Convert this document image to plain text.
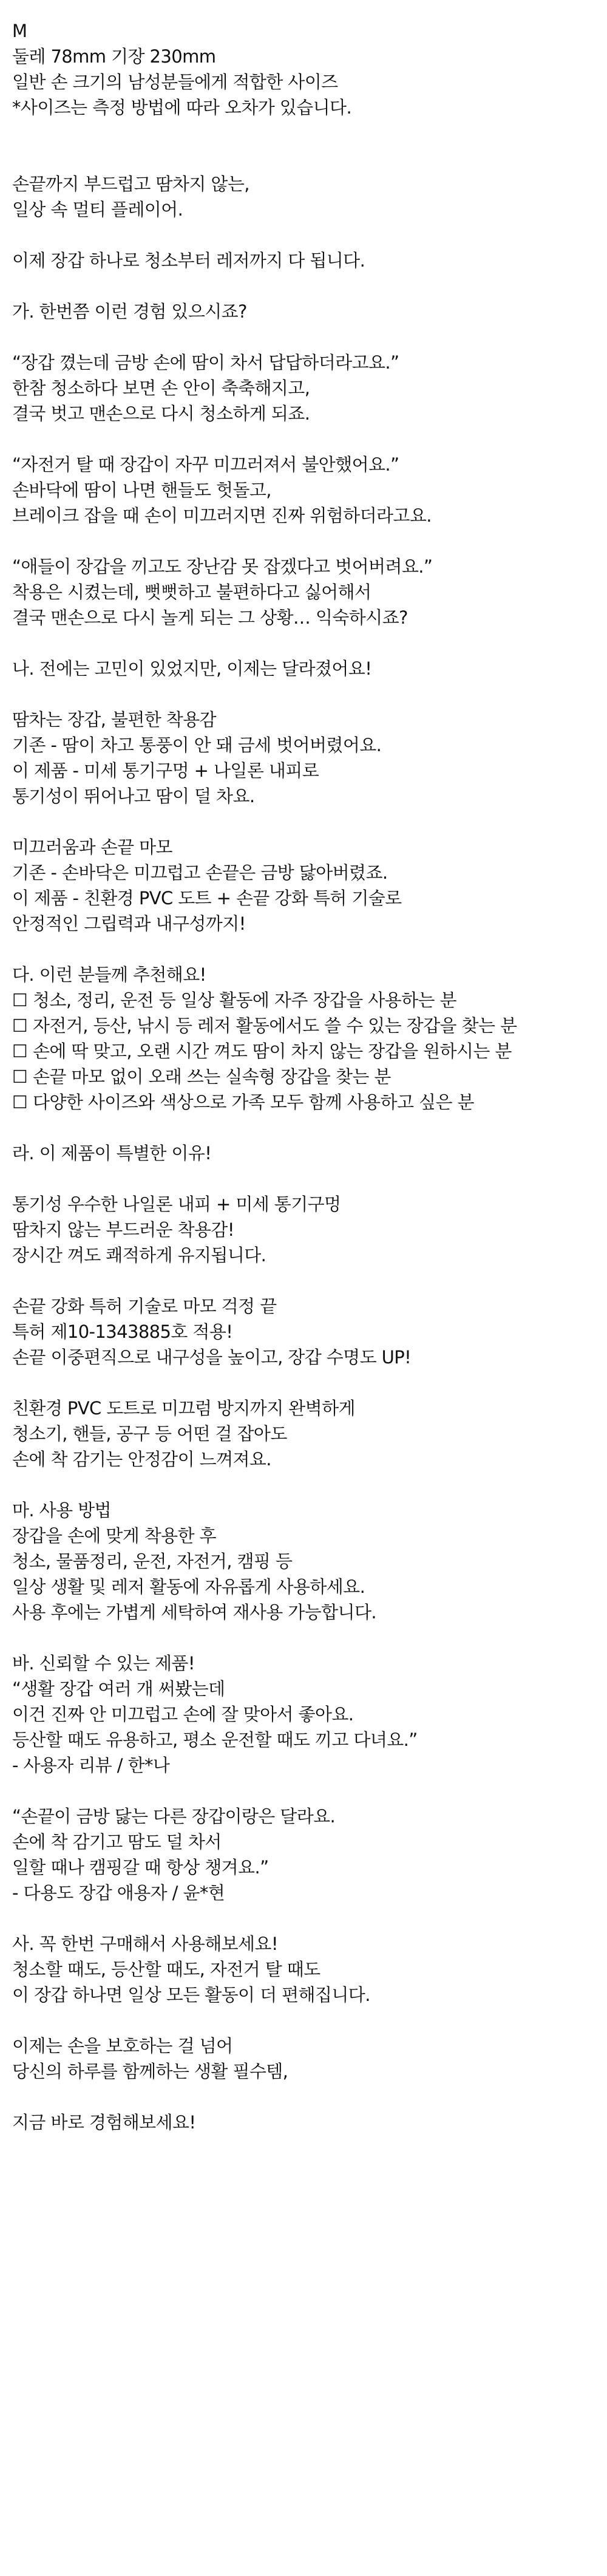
M
둘레 78mm 기장 230mm
일반 손 크기의 남성분들에게 적합한 사이즈
*사이즈는 측정 방법에 따라 오차가 있습니다.
손끝까지 부드럽고 땀차지 않는,
일상 속 멀티 플레이어.
이제 장갑 하나로 청소부터 레저까지 다 됩니다.
가. 한번쯤 이런 경험 있으시죠?
“장갑 꼈는데 금방 손에 땀이 차서 답답하더라고요.”
한참 청소하다 보면 손 안이 축축해지고,
결국 벗고 맨손으로 다시 청소하게 되죠.
“자전거 탈 때 장갑이 자꾸 미끄러져서 불안했어요.”
손바닥에 땀이 나면 핸들도 헛돌고,
브레이크 잡을 때 손이 미끄러지면 진짜 위험하더라고요.
“애들이 장갑을 끼고도 장난감 못 잡겠다고 벗어버려요.”
착용은 시켰는데, 뻣뻣하고 불편하다고 싫어해서
결국 맨손으로 다시 놀게 되는 그 상황… 익숙하시죠?
나. 전에는 고민이 있었지만, 이제는 달라졌어요!
땀차는 장갑, 불편한 착용감
기존 - 땀이 차고 통풍이 안 돼 금세 벗어버렸어요.
이 제품 - 미세 통기구멍 + 나일론 내피로
통기성이 뛰어나고 땀이 덜 차요.
미끄러움과 손끝 마모
기존 - 손바닥은 미끄럽고 손끝은 금방 닳아버렸죠.
이 제품 - 친환경 PVC 도트 + 손끝 강화 특허 기술로
안정적인 그립력과 내구성까지!
다. 이런 분들께 추천해요!
☐ 청소, 정리, 운전 등 일상 활동에 자주 장갑을 사용하는 분
☐ 자전거, 등산, 낚시 등 레저 활동에서도 쓸 수 있는 장갑을 찾는 분
☐ 손에 딱 맞고, 오랜 시간 껴도 땀이 차지 않는 장갑을 원하시는 분
☐ 손끝 마모 없이 오래 쓰는 실속형 장갑을 찾는 분
☐ 다양한 사이즈와 색상으로 가족 모두 함께 사용하고 싶은 분
라. 이 제품이 특별한 이유!
통기성 우수한 나일론 내피 + 미세 통기구멍
땀차지 않는 부드러운 착용감!
장시간 껴도 쾌적하게 유지됩니다.
손끝 강화 특허 기술로 마모 걱정 끝
특허 제10-1343885호 적용!
손끝 이중편직으로 내구성을 높이고, 장갑 수명도 UP!
친환경 PVC 도트로 미끄럼 방지까지 완벽하게
청소기, 핸들, 공구 등 어떤 걸 잡아도
손에 착 감기는 안정감이 느껴져요.
마. 사용 방법
장갑을 손에 맞게 착용한 후
청소, 물품정리, 운전, 자전거, 캠핑 등
일상 생활 및 레저 활동에 자유롭게 사용하세요.
사용 후에는 가볍게 세탁하여 재사용 가능합니다.
바. 신뢰할 수 있는 제품!
“생활 장갑 여러 개 써봤는데
이건 진짜 안 미끄럽고 손에 잘 맞아서 좋아요.
등산할 때도 유용하고, 평소 운전할 때도 끼고 다녀요.”
- 사용자 리뷰 / 한*나
“손끝이 금방 닳는 다른 장갑이랑은 달라요.
손에 착 감기고 땀도 덜 차서
일할 때나 캠핑갈 때 항상 챙겨요.”
- 다용도 장갑 애용자 / 윤*현
사. 꼭 한번 구매해서 사용해보세요!
청소할 때도, 등산할 때도, 자전거 탈 때도
이 장갑 하나면 일상 모든 활동이 더 편해집니다.
이제는 손을 보호하는 걸 넘어
당신의 하루를 함께하는 생활 필수템,
지금 바로 경험해보세요!
